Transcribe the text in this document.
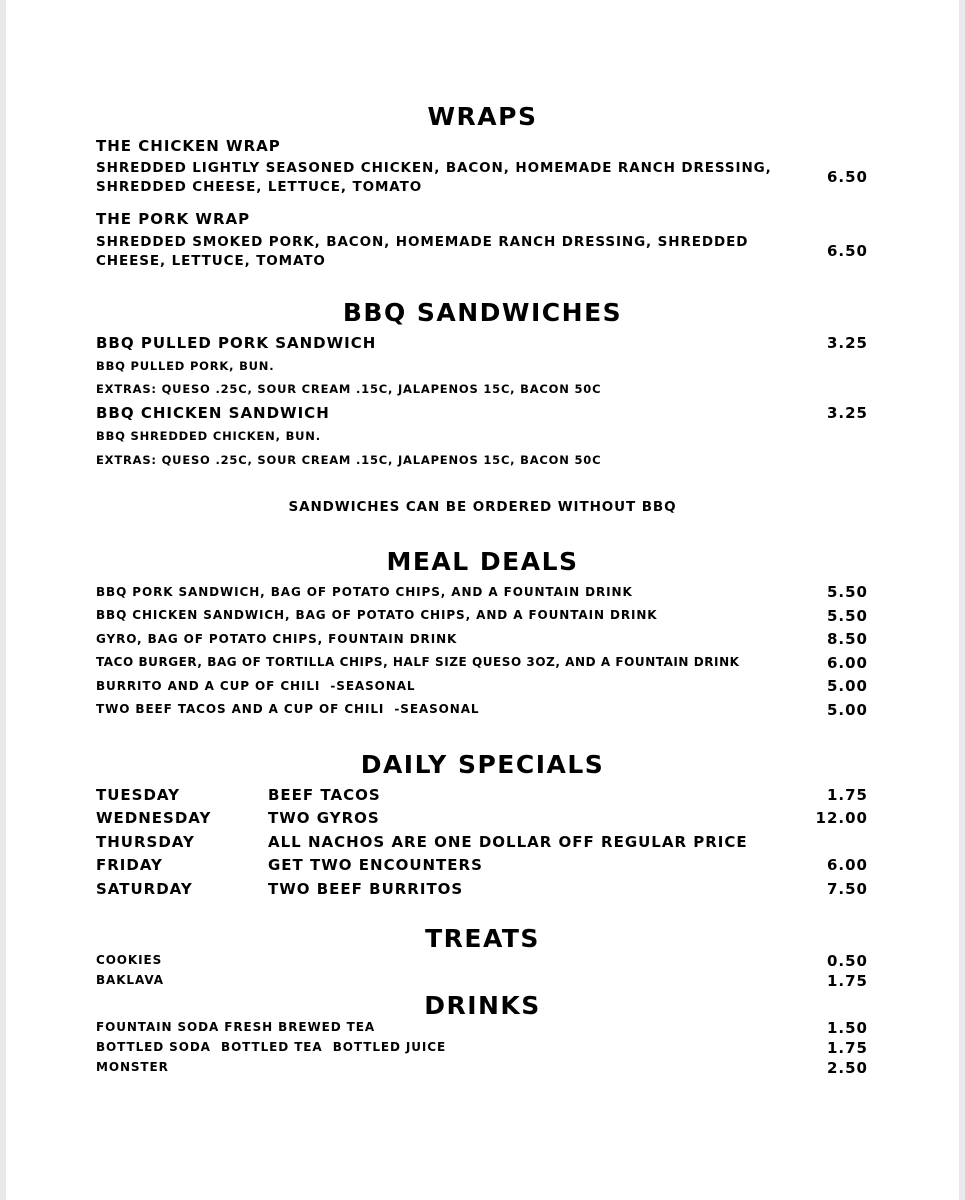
WRAPS
THE CHICKEN WRAP
SHREDDED LIGHTLY SEASONED CHICKEN, BACON, HOMEMADE RANCH DRESSING, SHREDDED CHEESE, LETTUCE, TOMATO
6.50
THE PORK WRAP
SHREDDED SMOKED PORK, BACON, HOMEMADE RANCH DRESSING, SHREDDED CHEESE, LETTUCE, TOMATO
6.50
BBQ SANDWICHES
BBQ PULLED PORK SANDWICH	3.25
BBQ PULLED PORK, BUN.
EXTRAS: QUESO .25C, SOUR CREAM .15C, JALAPENOS 15C, BACON 50C
BBQ CHICKEN SANDWICH	3.25
BBQ SHREDDED CHICKEN, BUN.
EXTRAS: QUESO .25C, SOUR CREAM .15C, JALAPENOS 15C, BACON 50C
SANDWICHES CAN BE ORDERED WITHOUT BBQ
MEAL DEALS
BBQ PORK SANDWICH, BAG OF POTATO CHIPS, AND A FOUNTAIN DRINK	5.50
BBQ CHICKEN SANDWICH, BAG OF POTATO CHIPS, AND A FOUNTAIN DRINK	5.50
GYRO, BAG OF POTATO CHIPS, FOUNTAIN DRINK	8.50
TACO BURGER, BAG OF TORTILLA CHIPS, HALF SIZE QUESO 3OZ, AND A FOUNTAIN DRINK	6.00
BURRITO AND A CUP OF CHILI  -SEASONAL	5.00
TWO BEEF TACOS AND A CUP OF CHILI  -SEASONAL	5.00
DAILY SPECIALS
TUESDAY	BEEF TACOS	1.75
WEDNESDAY	TWO GYROS	12.00
THURSDAY	ALL NACHOS ARE ONE DOLLAR OFF REGULAR PRICE
FRIDAY	GET TWO ENCOUNTERS	6.00
SATURDAY	TWO BEEF BURRITOS	7.50
TREATS
COOKIES	0.50
BAKLAVA	1.75
DRINKS
FOUNTAIN SODA FRESH BREWED TEA	1.50
BOTTLED SODA  BOTTLED TEA  BOTTLED JUICE	1.75
MONSTER	2.50
